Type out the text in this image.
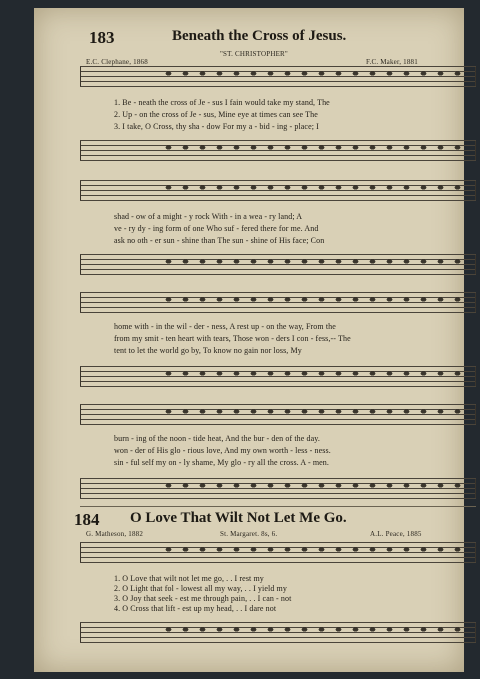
183	Beneath the Cross of Jesus.
E.C. Clephane, 1868
"ST. CHRISTOPHER"
F.C. Maker, 1881
1. Be - neath the cross of Je - sus I fain would take my stand, The
2. Up - on the cross of Je - sus, Mine eye at times can see The
3. I take, O Cross, thy sha - dow For my a - bid - ing - place; I
shad - ow of a might - y rock With - in a wea - ry land; A
ve - ry dy - ing form of one Who suf - fered there for me. And
ask no oth - er sun - shine than The sun - shine of His face; Con
home with - in the wil - der - ness, A rest up - on the way, From the
from my smit - ten heart with tears, Those won - ders I con - fess,-- The
tent to let the world go by, To know no gain nor loss, My
burn - ing of the noon - tide heat, And the bur - den of the day.
won - der of His glo - rious love, And my own worth - less - ness.
sin - ful self my on - ly shame, My glo - ry all the cross. A - men.
184 O Love That Wilt Not Let Me Go.
G. Matheson, 1882	St. Margaret. 8s, 6.	A.L. Peace, 1885
1. O Love that wilt not let me go, . . I rest my
2. O Light that fol - lowest all my way, . . I yield my
3. O Joy that seek - est me through pain, . . I can - not
4. O Cross that lift - est up my head, . . I dare not
